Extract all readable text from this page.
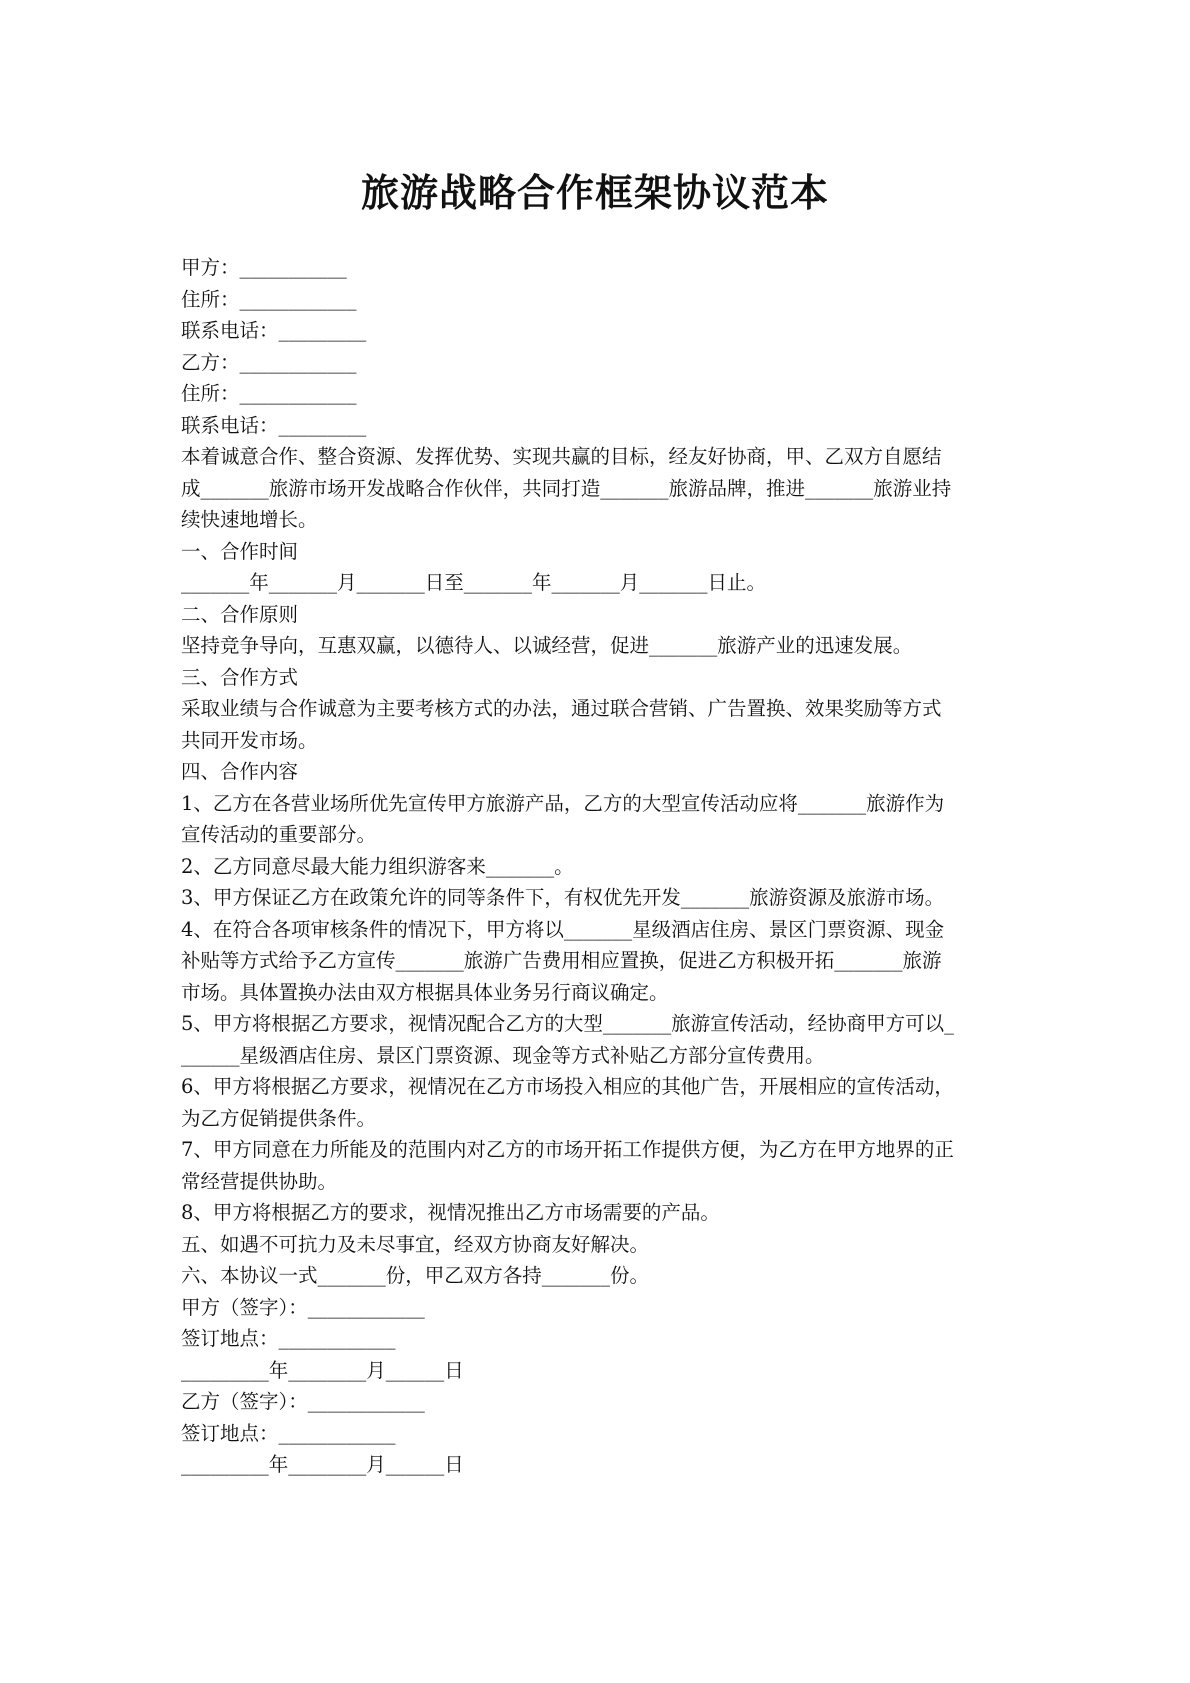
旅游战略合作框架协议范本

甲方：___________

住所：____________

联系电话：_________

乙方：____________

住所：____________

联系电话：_________

本着诚意合作、整合资源、发挥优势、实现共赢的目标，经友好协商，甲、乙双方自愿结

成_______旅游市场开发战略合作伙伴，共同打造_______旅游品牌，推进_______旅游业持

续快速地增长。

一、合作时间

_______年_______月_______日至_______年_______月_______日止。

二、合作原则

坚持竞争导向，互惠双赢，以德待人、以诚经营，促进_______旅游产业的迅速发展。

三、合作方式

采取业绩与合作诚意为主要考核方式的办法，通过联合营销、广告置换、效果奖励等方式

共同开发市场。

四、合作内容

1、乙方在各营业场所优先宣传甲方旅游产品，乙方的大型宣传活动应将_______旅游作为

宣传活动的重要部分。

2、乙方同意尽最大能力组织游客来_______。

3、甲方保证乙方在政策允许的同等条件下，有权优先开发_______旅游资源及旅游市场。

4、在符合各项审核条件的情况下，甲方将以_______星级酒店住房、景区门票资源、现金

补贴等方式给予乙方宣传_______旅游广告费用相应置换，促进乙方积极开拓_______旅游

市场。具体置换办法由双方根据具体业务另行商议确定。

5、甲方将根据乙方要求，视情况配合乙方的大型_______旅游宣传活动，经协商甲方可以_

______星级酒店住房、景区门票资源、现金等方式补贴乙方部分宣传费用。

6、甲方将根据乙方要求，视情况在乙方市场投入相应的其他广告，开展相应的宣传活动，

为乙方促销提供条件。

7、甲方同意在力所能及的范围内对乙方的市场开拓工作提供方便，为乙方在甲方地界的正

常经营提供协助。

8、甲方将根据乙方的要求，视情况推出乙方市场需要的产品。

五、如遇不可抗力及未尽事宜，经双方协商友好解决。

六、本协议一式_______份，甲乙双方各持_______份。

甲方（签字）：____________

签订地点：____________

_________年________月______日

乙方（签字）：____________

签订地点：____________

_________年________月______日
